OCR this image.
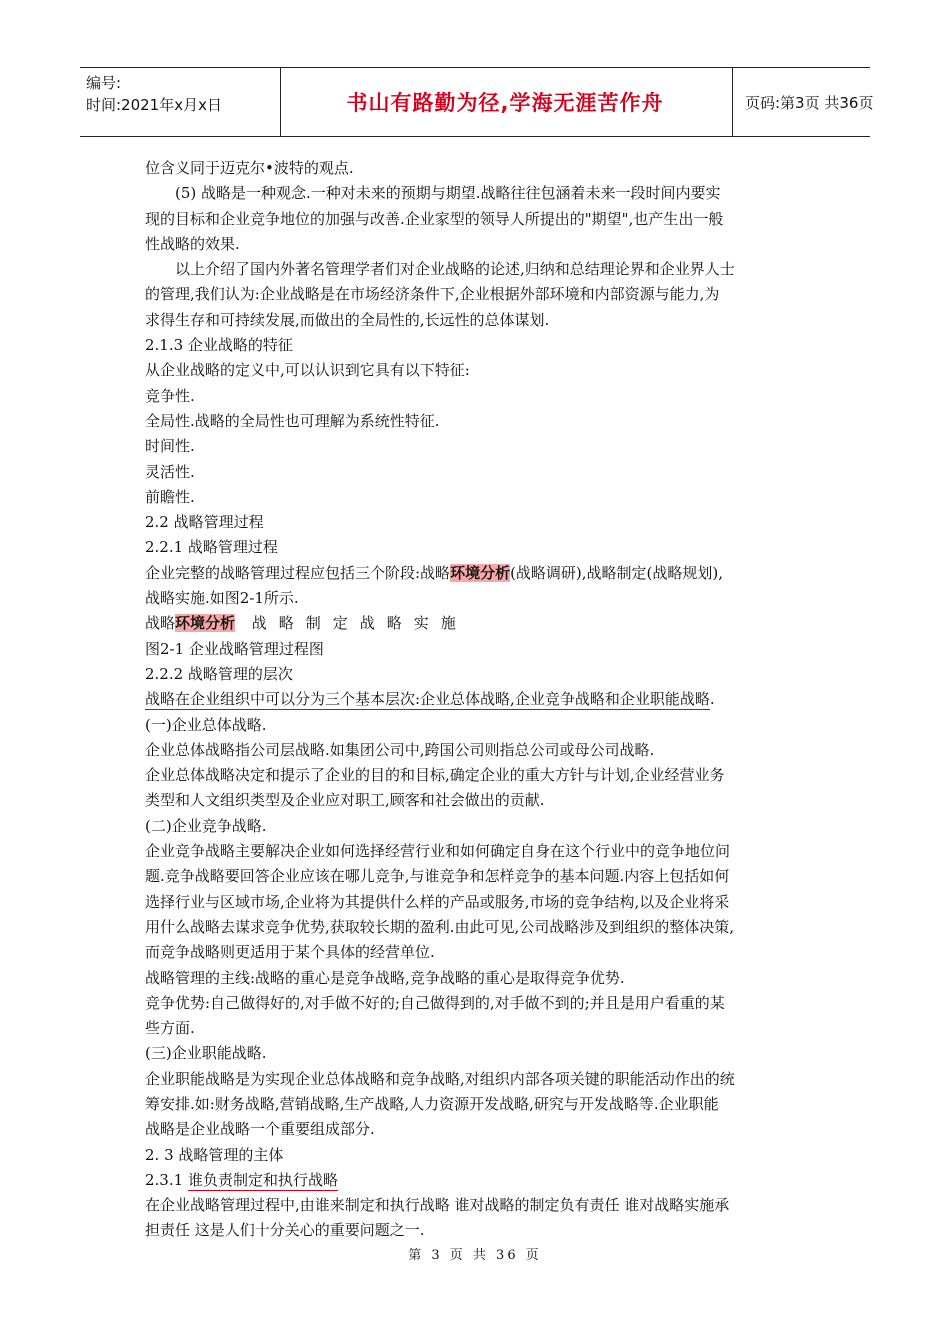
编号:
时间:2021年x月x日	书山有路勤为径,学海无涯苦作舟	页码:第3页 共36页
位含义同于迈克尔•波特的观点.
(5) 战略是一种观念.一种对未来的预期与期望.战略往往包涵着未来一段时间内要实
现的目标和企业竞争地位的加强与改善.企业家型的领导人所提出的"期望",也产生出一般
性战略的效果.
以上介绍了国内外著名管理学者们对企业战略的论述,归纳和总结理论界和企业界人士
的管理,我们认为:企业战略是在市场经济条件下,企业根据外部环境和内部资源与能力,为
求得生存和可持续发展,而做出的全局性的,长远性的总体谋划.
2.1.3 企业战略的特征
从企业战略的定义中,可以认识到它具有以下特征:
竞争性.
全局性.战略的全局性也可理解为系统性特征.
时间性.
灵活性.
前瞻性.
2.2 战略管理过程
2.2.1 战略管理过程
企业完整的战略管理过程应包括三个阶段:战略环境分析(战略调研),战略制定(战略规划),
战略实施.如图2-1所示.
战略环境分析 战略制定战略实施
图2-1 企业战略管理过程图
2.2.2 战略管理的层次
战略在企业组织中可以分为三个基本层次:企业总体战略,企业竞争战略和企业职能战略.
(一)企业总体战略.
企业总体战略指公司层战略.如集团公司中,跨国公司则指总公司或母公司战略.
企业总体战略决定和提示了企业的目的和目标,确定企业的重大方针与计划,企业经营业务
类型和人文组织类型及企业应对职工,顾客和社会做出的贡献.
(二)企业竞争战略.
企业竞争战略主要解决企业如何选择经营行业和如何确定自身在这个行业中的竞争地位问
题.竞争战略要回答企业应该在哪儿竞争,与谁竞争和怎样竞争的基本问题.内容上包括如何
选择行业与区域市场,企业将为其提供什么样的产品或服务,市场的竞争结构,以及企业将采
用什么战略去谋求竞争优势,获取较长期的盈利.由此可见,公司战略涉及到组织的整体决策,
而竞争战略则更适用于某个具体的经营单位.
战略管理的主线:战略的重心是竞争战略,竞争战略的重心是取得竞争优势.
竞争优势:自己做得好的,对手做不好的;自己做得到的,对手做不到的;并且是用户看重的某
些方面.
(三)企业职能战略.
企业职能战略是为实现企业总体战略和竞争战略,对组织内部各项关键的职能活动作出的统
筹安排.如:财务战略,营销战略,生产战略,人力资源开发战略,研究与开发战略等.企业职能
战略是企业战略一个重要组成部分.
2. 3 战略管理的主体
2.3.1 谁负责制定和执行战略
在企业战略管理过程中,由谁来制定和执行战略 谁对战略的制定负有责任 谁对战略实施承
担责任 这是人们十分关心的重要问题之一.
第 3 页 共 36 页
